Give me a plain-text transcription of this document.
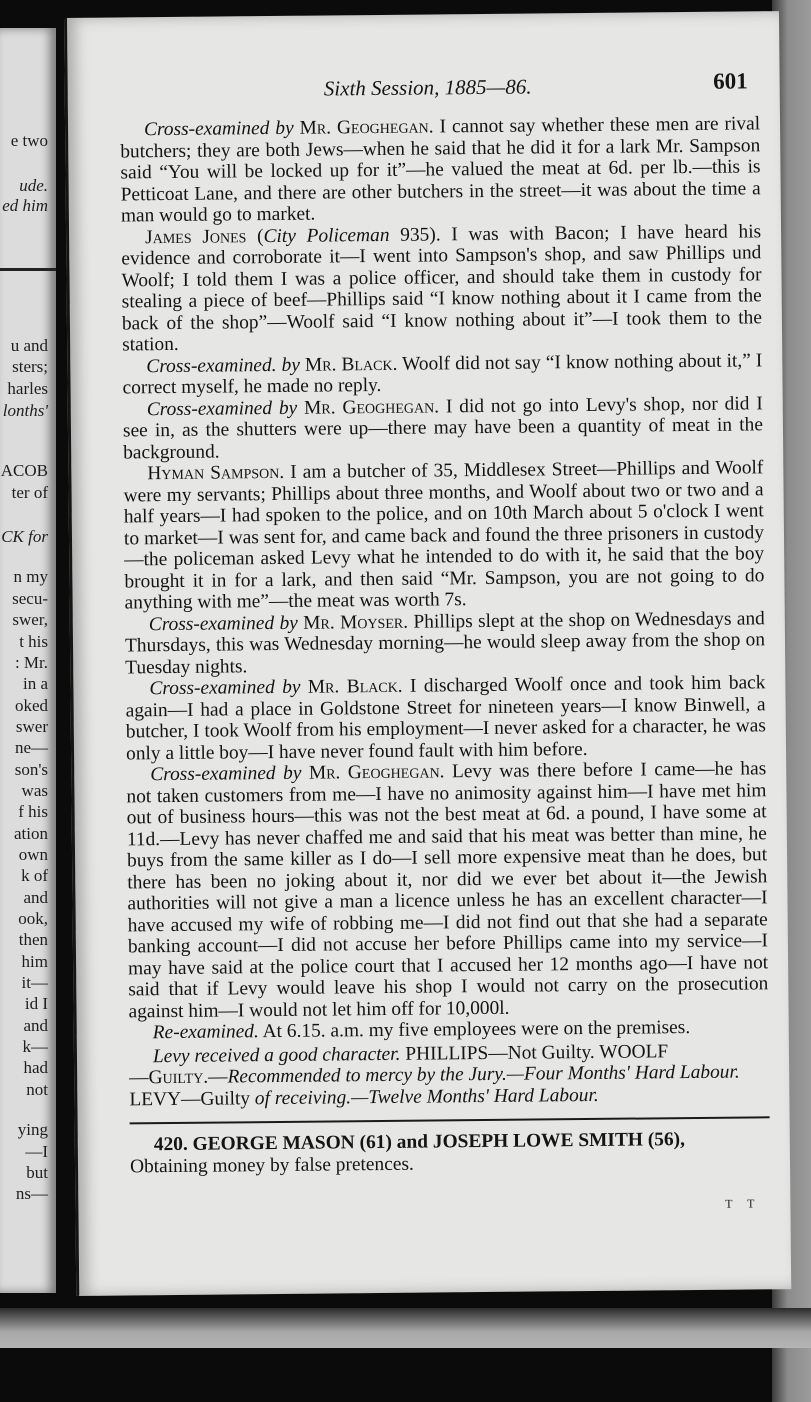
e two
ude.
ed him
u and
sters;
harles
lonths'
ACOB
ter of
CK for
n my
secu-
swer,
t his
: Mr.
in a
oked
swer
ne—
son's
was
f his
ation
own
k of
and
ook,
then
him
it—
id I
and
k—
had
not
ying
—I
but
ns—
Sixth Session, 1885—86.	601

Cross-examined by Mr. Geoghegan. I cannot say whether these men are rival butchers; they are both Jews—when he said that he did it for a lark Mr. Sampson said “You will be locked up for it”—he valued the meat at 6d. per lb.—this is Petticoat Lane, and there are other butchers in the street—it was about the time a man would go to market.

James Jones (City Policeman 935). I was with Bacon; I have heard his evidence and corroborate it—I went into Sampson's shop, and saw Phillips und Woolf; I told them I was a police officer, and should take them in custody for stealing a piece of beef—Phillips said “I know nothing about it I came from the back of the shop”—Woolf said “I know nothing about it”—I took them to the station.

Cross-examined. by Mr. Black. Woolf did not say “I know nothing about it,” I correct myself, he made no reply.

Cross-examined by Mr. Geoghegan. I did not go into Levy's shop, nor did I see in, as the shutters were up—there may have been a quantity of meat in the background.

Hyman Sampson. I am a butcher of 35, Middlesex Street—Phillips and Woolf were my servants; Phillips about three months, and Woolf about two or two and a half years—I had spoken to the police, and on 10th March about 5 o'clock I went to market—I was sent for, and came back and found the three prisoners in custody—the policeman asked Levy what he intended to do with it, he said that the boy brought it in for a lark, and then said “Mr. Sampson, you are not going to do anything with me”—the meat was worth 7s.

Cross-examined by Mr. Moyser. Phillips slept at the shop on Wednesdays and Thursdays, this was Wednesday morning—he would sleep away from the shop on Tuesday nights.

Cross-examined by Mr. Black. I discharged Woolf once and took him back again—I had a place in Goldstone Street for nineteen years—I know Binwell, a butcher, I took Woolf from his employment—I never asked for a character, he was only a little boy—I have never found fault with him before.

Cross-examined by Mr. Geoghegan. Levy was there before I came—he has not taken customers from me—I have no animosity against him—I have met him out of business hours—this was not the best meat at 6d. a pound, I have some at 11d.—Levy has never chaffed me and said that his meat was better than mine, he buys from the same killer as I do—I sell more expensive meat than he does, but there has been no joking about it, nor did we ever bet about it—the Jewish authorities will not give a man a licence unless he has an excellent character—I have accused my wife of robbing me—I did not find out that she had a separate banking account—I did not accuse her before Phillips came into my service—I may have said at the police court that I accused her 12 months ago—I have not said that if Levy would leave his shop I would not carry on the prosecution against him—I would not let him off for 10,000l.

Re-examined. At 6.15. a.m. my five employees were on the premises.

Levy received a good character. PHILLIPS—Not Guilty. WOOLF

—Guilty.—Recommended to mercy by the Jury.—Four Months' Hard Labour.

LEVY—Guilty of receiving.—Twelve Months' Hard Labour.

420. GEORGE MASON (61) and JOSEPH LOWE SMITH (56),

Obtaining money by false pretences.

T T
